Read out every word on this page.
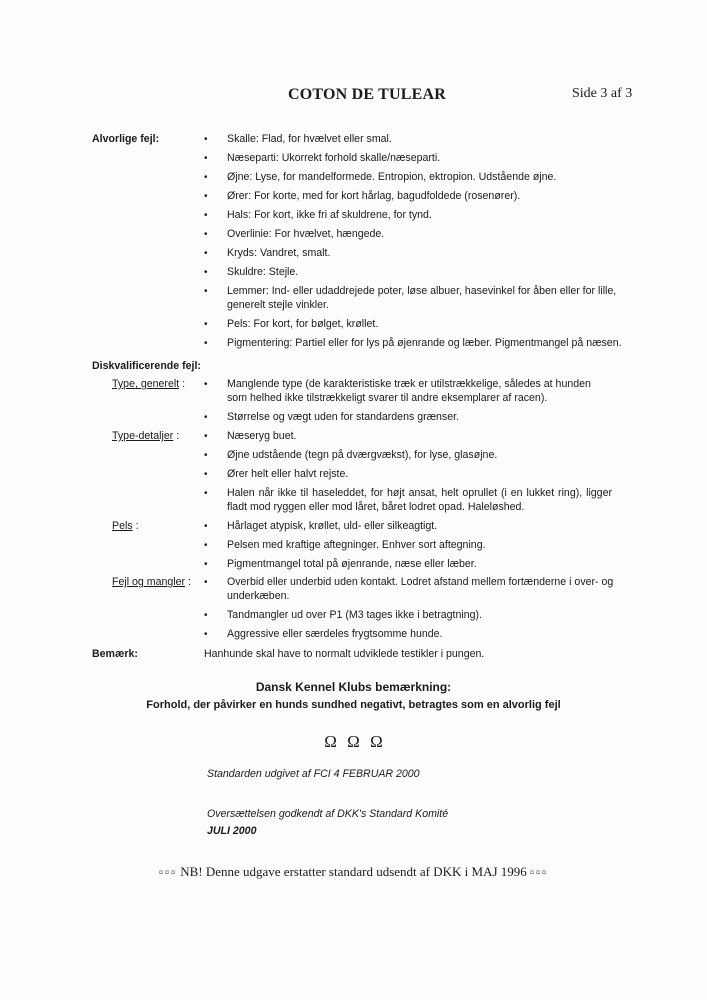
COTON DE TULEAR	Side 3 af 3
Alvorlige fejl:	• Skalle: Flad, for hvælvet eller smal.
• Næseparti: Ukorrekt forhold skalle/næseparti.
• Øjne: Lyse, for mandelformede. Entropion, ektropion. Udstående øjne.
• Ører: For korte, med for kort hårlag, bagudfoldede (rosenører).
• Hals: For kort, ikke fri af skuldrene, for tynd.
• Overlinie: For hvælvet, hængede.
• Kryds: Vandret, smalt.
• Skuldre: Stejle.
• Lemmer: Ind- eller udaddrejede poter, løse albuer, hasevinkel for åben eller for lille, generelt stejle vinkler.
• Pels: For kort, for bølget, krøllet.
• Pigmentering: Partiel eller for lys på øjenrande og læber. Pigmentmangel på næsen.
Diskvalificerende fejl:
Type, generelt : • Manglende type (de karakteristiske træk er utilstrækkelige, således at hunden som helhed ikke tilstrækkeligt svarer til andre eksemplarer af racen).
• Størrelse og vægt uden for standardens grænser.
Type-detaljer : • Næseryg buet.
• Øjne udstående (tegn på dværgvækst), for lyse, glasøjne.
• Ører helt eller halvt rejste.
• Halen når ikke til haseleddet, for højt ansat, helt oprullet (i en lukket ring), ligger fladt mod ryggen eller mod låret, båret lodret opad. Haleløshed.
Pels :	• Hårlaget atypisk, krøllet, uld- eller silkeagtigt.
• Pelsen med kraftige aftegninger. Enhver sort aftegning.
• Pigmentmangel total på øjenrande, næse eller læber.
Fejl og mangler : • Overbid eller underbid uden kontakt. Lodret afstand mellem fortænderne i over- og underkæben.
• Tandmangler ud over P1 (M3 tages ikke i betragtning).
• Aggressive eller særdeles frygtsomme hunde.
Bemærk:	Hanhunde skal have to normalt udviklede testikler i pungen.
Dansk Kennel Klubs bemærkning:
Forhold, der påvirker en hunds sundhed negativt, betragtes som en alvorlig fejl
Ω Ω Ω
Standarden udgivet af FCI 4 FEBRUAR 2000
Oversættelsen godkendt af DKK's Standard Komité
JULI 2000
¤¤¤ NB! Denne udgave erstatter standard udsendt af DKK i MAJ 1996 ¤¤¤
